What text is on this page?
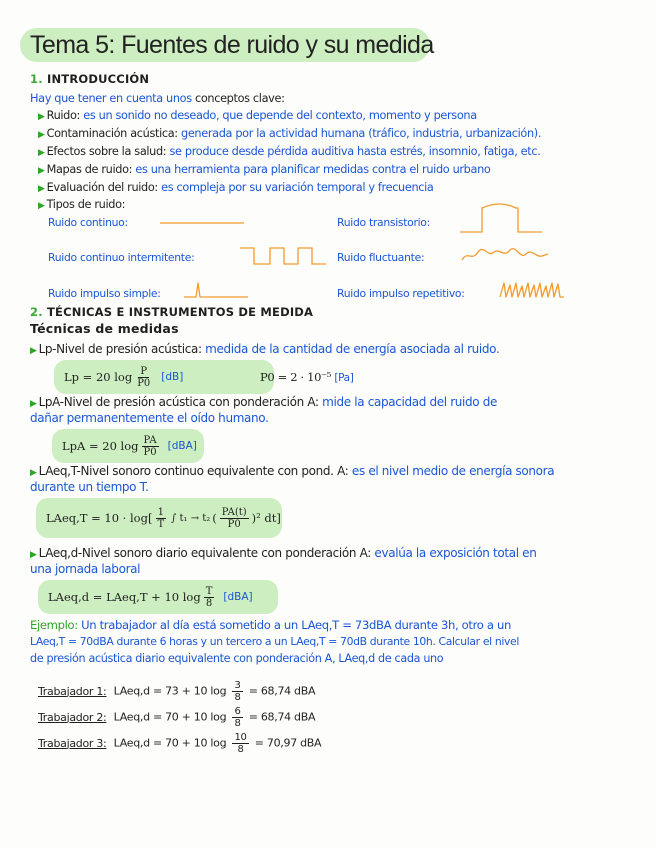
Tema 5: Fuentes de ruido y su medida
1. INTRODUCCIÓN
Hay que tener en cuenta unos conceptos clave:
▶ Ruido: es un sonido no deseado, que depende del contexto, momento y persona
▶ Contaminación acústica: generada por la actividad humana (tráfico, industria, urbanización).
▶ Efectos sobre la salud: se produce desde pérdida auditiva hasta estrés, insomnio, fatiga, etc.
▶ Mapas de ruido: es una herramienta para planificar medidas contra el ruido urbano
▶ Evaluación del ruido: es compleja por su variación temporal y frecuencia
▶ Tipos de ruido:
Ruido continuo:	Ruido transistorio:
Ruido continuo intermitente:	Ruido fluctuante:
Ruido impulso simple:	Ruido impulso repetitivo:
2. TÉCNICAS E INSTRUMENTOS DE MEDIDA
Técnicas de medidas
▶ Lp-Nivel de presión acústica: medida de la cantidad de energía asociada al ruido.
Lp = 20 $\log \frac{P}{P0} [dB]$	P0 = 2 · 10⁻⁵ [Pa]
▶ LpA-Nivel de presión acústica con ponderación A: mide la capacidad del ruido de
dañar permanentemente el oído humano.
LpA = 20 $\log \frac{PA}{P0} [dBA]$
▶ LAeq,T-Nivel sonoro continuo equivalente con pond. A: es el nivel medio de energía sonora
durante un tiempo T.
LAeq,T = $10 \cdot \log[ \frac{1}{T}$ ∫ t₁ → t₂ ( $\frac{PA(t)}{P0} )^2$ dt]
▶ LAeq,d-Nivel sonoro diario equivalente con ponderación A: evalúa la exposición total en
una jornada laboral
LAeq,d = LAeq,T + 10 $\log \frac{T}{8} [dBA]$
Ejemplo: Un trabajador al día está sometido a un LAeq,T = 73dBA durante 3h, otro a un
LAeq,T = 70dBA durante 6 horas y un tercero a un LAeq,T = 70dB durante 10h. Calcular el nivel
de presión acústica diario equivalente con ponderación A, LAeq,d de cada uno
Trabajador 1: LAeq,d = 73 + 10 $\log \frac{3}{8} = 68,74$ dBA
Trabajador 2: LAeq,d = 70 + 10 $\log \frac{6}{8} = 68,74$ dBA
Trabajador 3: LAeq,d = 70 + 10 $\log \frac{10}{8} = 70,97$ dBA
